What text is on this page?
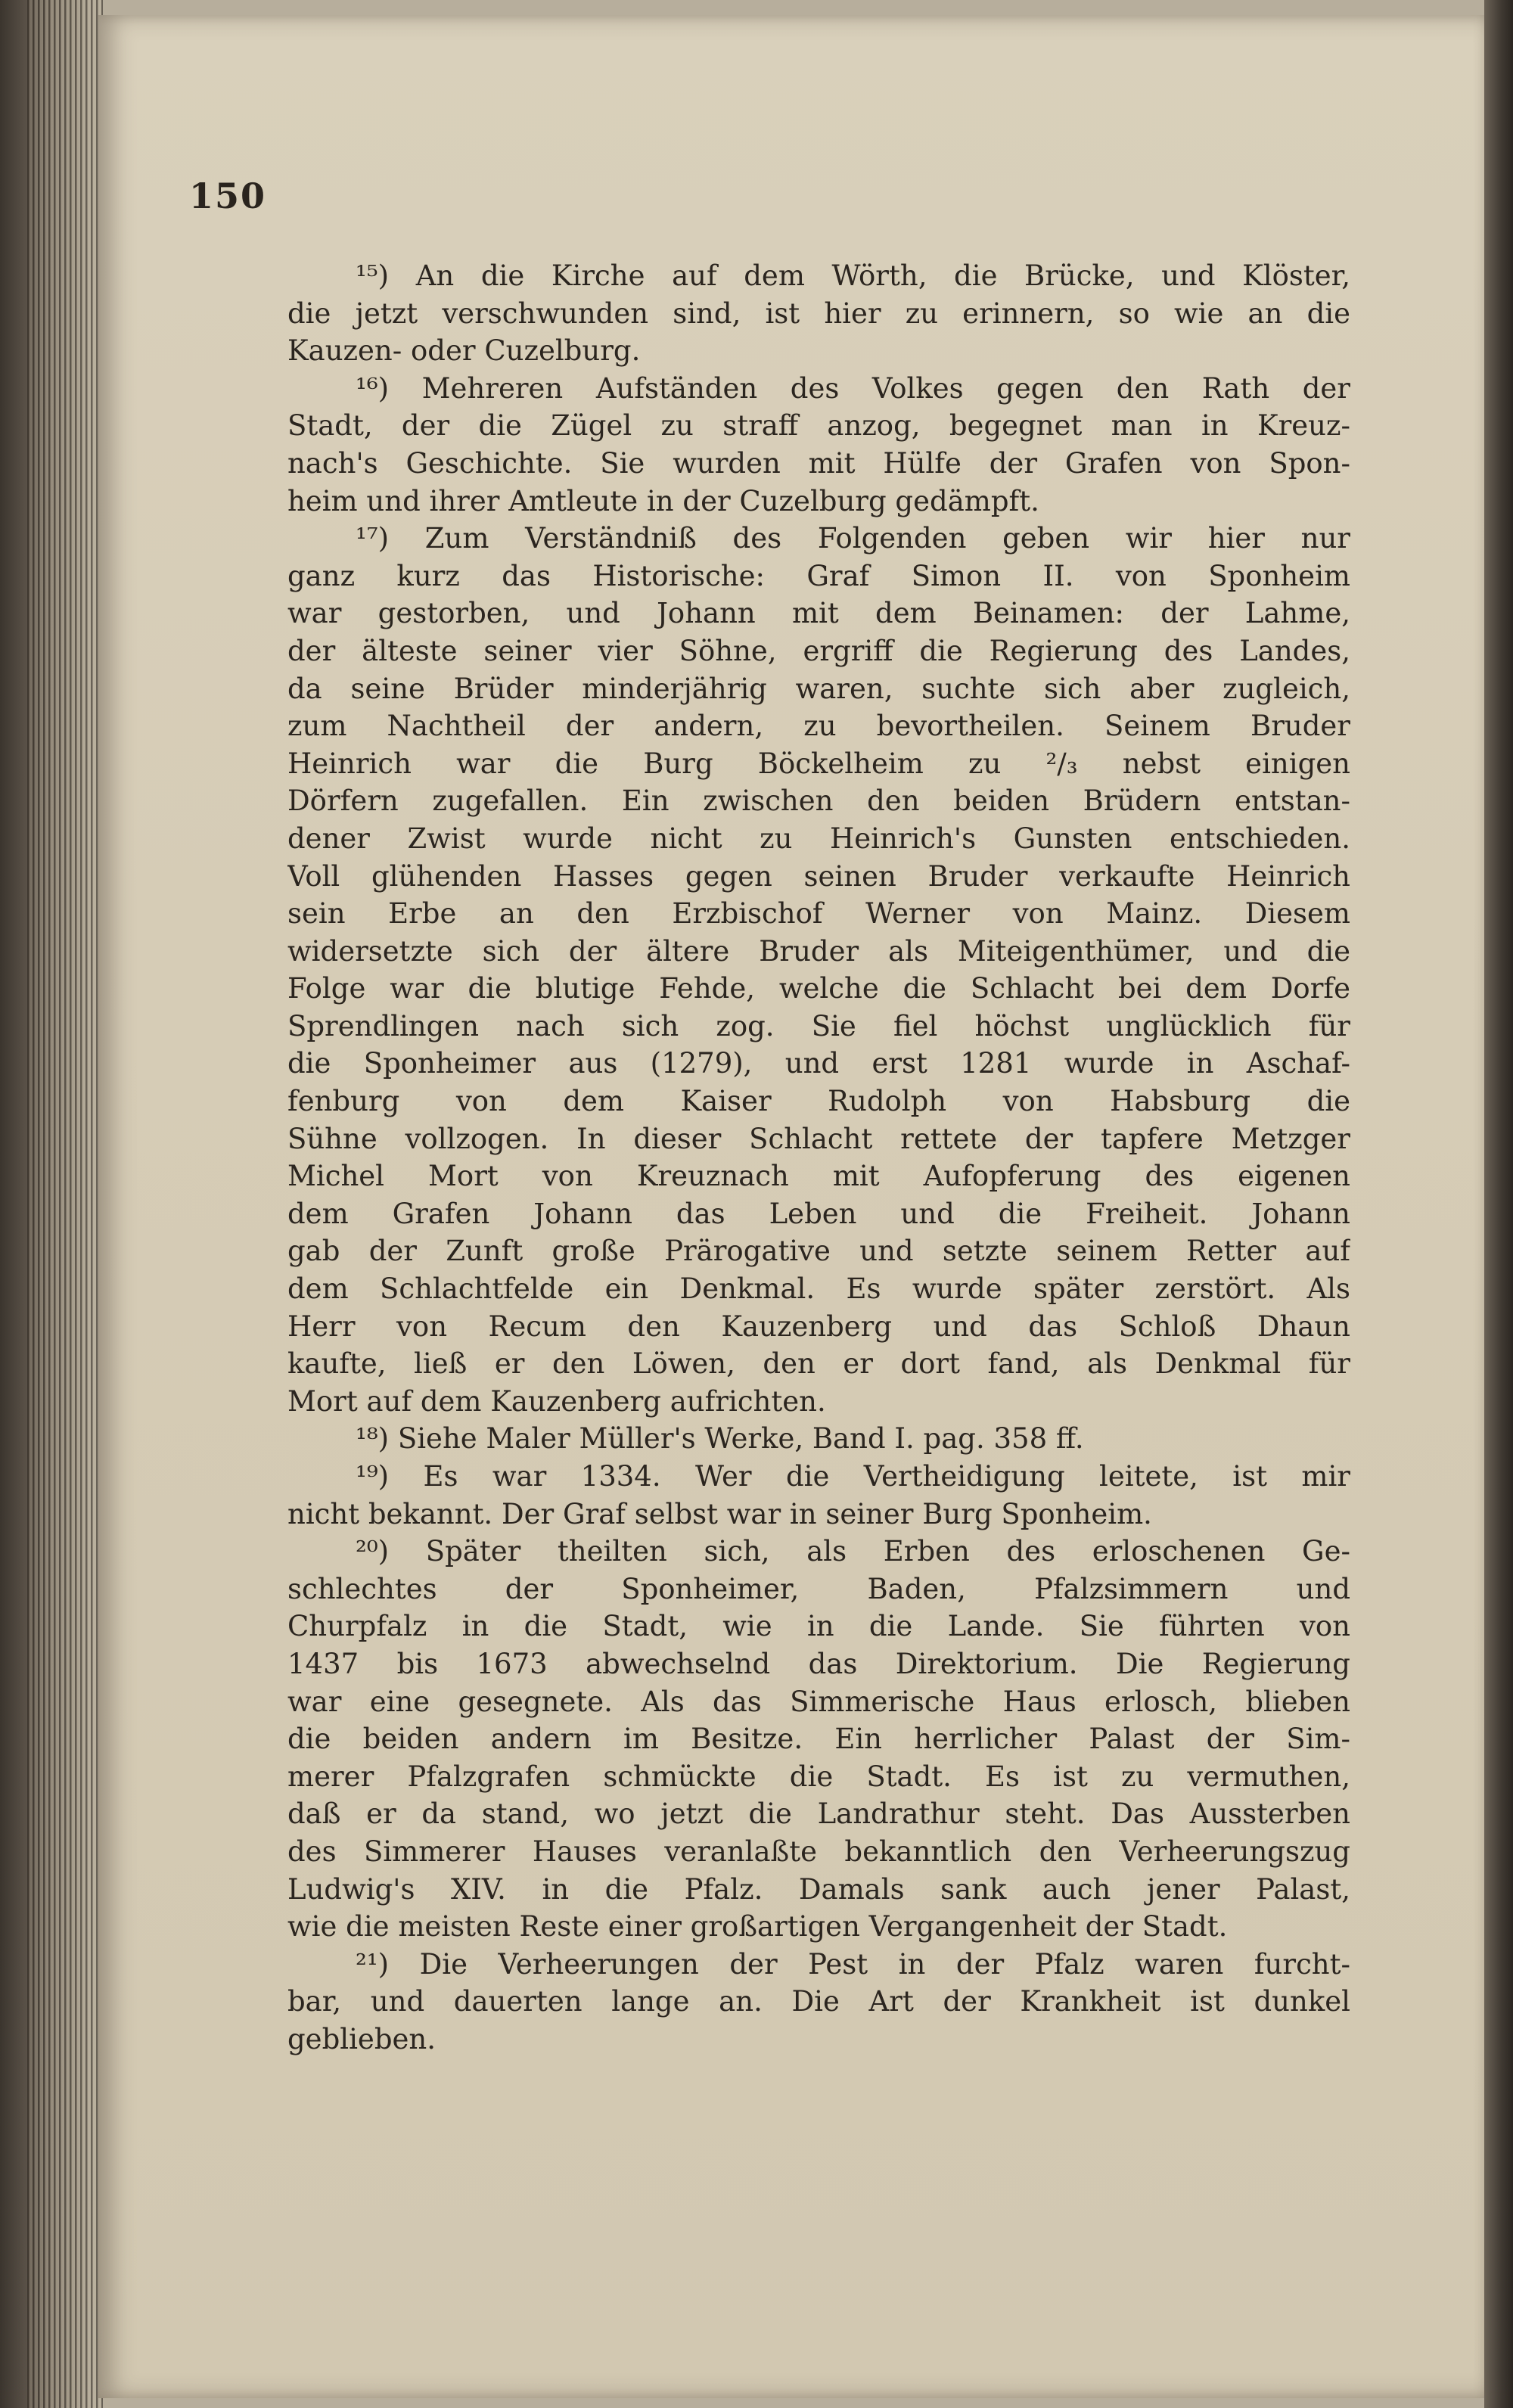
150
¹⁵) An die Kirche auf dem Wörth, die Brücke, und Klöster,
die jetzt verschwunden sind, ist hier zu erinnern, so wie an die
Kauzen- oder Cuzelburg.
¹⁶) Mehreren Aufständen des Volkes gegen den Rath der
Stadt, der die Zügel zu straff anzog, begegnet man in Kreuz-
nach's Geschichte. Sie wurden mit Hülfe der Grafen von Spon-
heim und ihrer Amtleute in der Cuzelburg gedämpft.
¹⁷) Zum Verständniß des Folgenden geben wir hier nur
ganz kurz das Historische: Graf Simon II. von Sponheim
war gestorben, und Johann mit dem Beinamen: der Lahme,
der älteste seiner vier Söhne, ergriff die Regierung des Landes,
da seine Brüder minderjährig waren, suchte sich aber zugleich,
zum Nachtheil der andern, zu bevortheilen. Seinem Bruder
Heinrich war die Burg Böckelheim zu ²/₃ nebst einigen
Dörfern zugefallen. Ein zwischen den beiden Brüdern entstan-
dener Zwist wurde nicht zu Heinrich's Gunsten entschieden.
Voll glühenden Hasses gegen seinen Bruder verkaufte Heinrich
sein Erbe an den Erzbischof Werner von Mainz. Diesem
widersetzte sich der ältere Bruder als Miteigenthümer, und die
Folge war die blutige Fehde, welche die Schlacht bei dem Dorfe
Sprendlingen nach sich zog. Sie fiel höchst unglücklich für
die Sponheimer aus (1279), und erst 1281 wurde in Aschaf-
fenburg von dem Kaiser Rudolph von Habsburg die
Sühne vollzogen. In dieser Schlacht rettete der tapfere Metzger
Michel Mort von Kreuznach mit Aufopferung des eigenen
dem Grafen Johann das Leben und die Freiheit. Johann
gab der Zunft große Prärogative und setzte seinem Retter auf
dem Schlachtfelde ein Denkmal. Es wurde später zerstört. Als
Herr von Recum den Kauzenberg und das Schloß Dhaun
kaufte, ließ er den Löwen, den er dort fand, als Denkmal für
Mort auf dem Kauzenberg aufrichten.
¹⁸) Siehe Maler Müller's Werke, Band I. pag. 358 ff.
¹⁹) Es war 1334. Wer die Vertheidigung leitete, ist mir
nicht bekannt. Der Graf selbst war in seiner Burg Sponheim.
²⁰) Später theilten sich, als Erben des erloschenen Ge-
schlechtes der Sponheimer, Baden, Pfalzsimmern und
Churpfalz in die Stadt, wie in die Lande. Sie führten von
1437 bis 1673 abwechselnd das Direktorium. Die Regierung
war eine gesegnete. Als das Simmerische Haus erlosch, blieben
die beiden andern im Besitze. Ein herrlicher Palast der Sim-
merer Pfalzgrafen schmückte die Stadt. Es ist zu vermuthen,
daß er da stand, wo jetzt die Landrathur steht. Das Aussterben
des Simmerer Hauses veranlaßte bekanntlich den Verheerungszug
Ludwig's XIV. in die Pfalz. Damals sank auch jener Palast,
wie die meisten Reste einer großartigen Vergangenheit der Stadt.
²¹) Die Verheerungen der Pest in der Pfalz waren furcht-
bar, und dauerten lange an. Die Art der Krankheit ist dunkel
geblieben.
